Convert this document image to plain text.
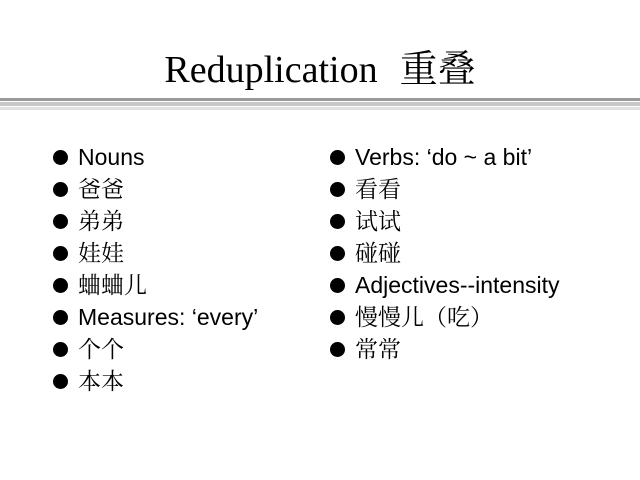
Reduplication 重叠
Nouns
爸爸
弟弟
娃娃
蛐蛐儿
Measures: ‘every’
个个
本本
Verbs: ‘do ~ a bit’
看看
试试
碰碰
Adjectives--intensity
慢慢儿（吃）
常常
